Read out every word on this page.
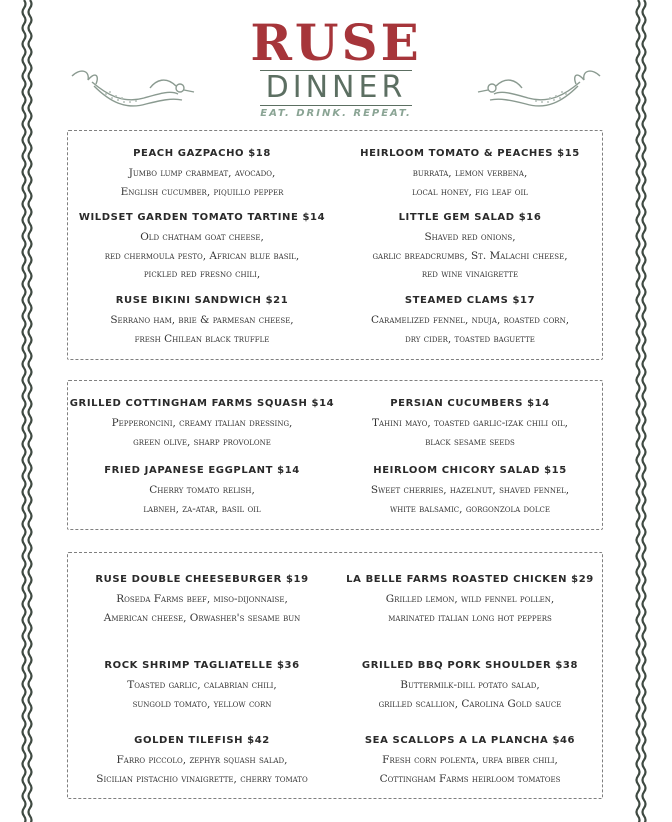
RUSE
DINNER
EAT. DRINK. REPEAT.
PEACH GAZPACHO $18
Jumbo lump crabmeat, avocado,
English cucumber, piquillo pepper
HEIRLOOM TOMATO & PEACHES $15
burrata, lemon verbena,
local honey, fig leaf oil
WILDSET GARDEN TOMATO TARTINE $14
Old chatham goat cheese,
red chermoula pesto, African blue basil,
pickled red fresno chili,
LITTLE GEM SALAD $16
Shaved red onions,
garlic breadcrumbs, St. Malachi cheese,
red wine vinaigrette
RUSE BIKINI SANDWICH $21
Serrano ham, brie & parmesan cheese,
fresh Chilean black truffle
STEAMED CLAMS $17
Caramelized fennel, nduja, roasted corn,
dry cider, toasted baguette
GRILLED COTTINGHAM FARMS SQUASH $14
Pepperoncini, creamy italian dressing,
green olive, sharp provolone
PERSIAN CUCUMBERS $14
Tahini mayo, toasted garlic-izak chili oil,
black sesame seeds
FRIED JAPANESE EGGPLANT $14
Cherry tomato relish,
labneh, za-atar, basil oil
HEIRLOOM CHICORY SALAD $15
Sweet cherries, hazelnut, shaved fennel,
white balsamic, gorgonzola dolce
RUSE DOUBLE CHEESEBURGER $19
Roseda Farms beef, miso-dijonnaise,
American cheese, Orwasher's sesame bun
LA BELLE FARMS ROASTED CHICKEN $29
Grilled lemon, wild fennel pollen,
marinated italian long hot peppers
ROCK SHRIMP TAGLIATELLE $36
Toasted garlic, calabrian chili,
sungold tomato, yellow corn
GRILLED BBQ PORK SHOULDER $38
Buttermilk-dill potato salad,
grilled scallion, Carolina Gold sauce
GOLDEN TILEFISH $42
Farro piccolo, zephyr squash salad,
Sicilian pistachio vinaigrette, cherry tomato
SEA SCALLOPS A LA PLANCHA $46
Fresh corn polenta, urfa biber chili,
Cottingham Farms heirloom tomatoes
